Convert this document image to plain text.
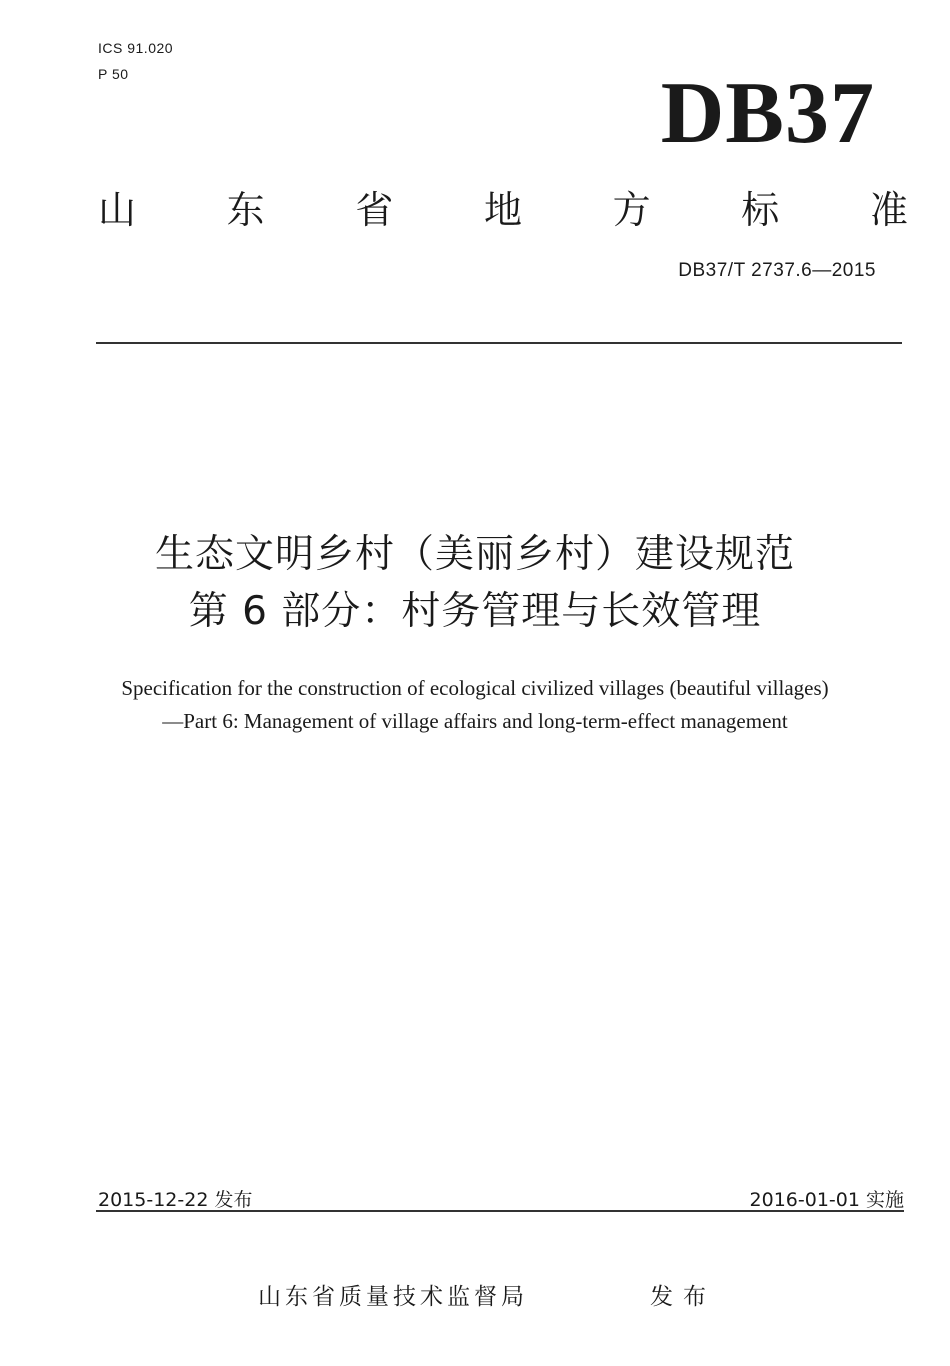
ICS 91.020
P 50	DB37
山 东 省 地 方 标 准
DB37/T 2737.6—2015
生态文明乡村（美丽乡村）建设规范
第 6 部分：村务管理与长效管理
Specification for the construction of ecological civilized villages (beautiful villages)
—Part 6: Management of village affairs and long-term-effect management
2015-12-22 发布	2016-01-01 实施
山东省质量技术监督局	发布
